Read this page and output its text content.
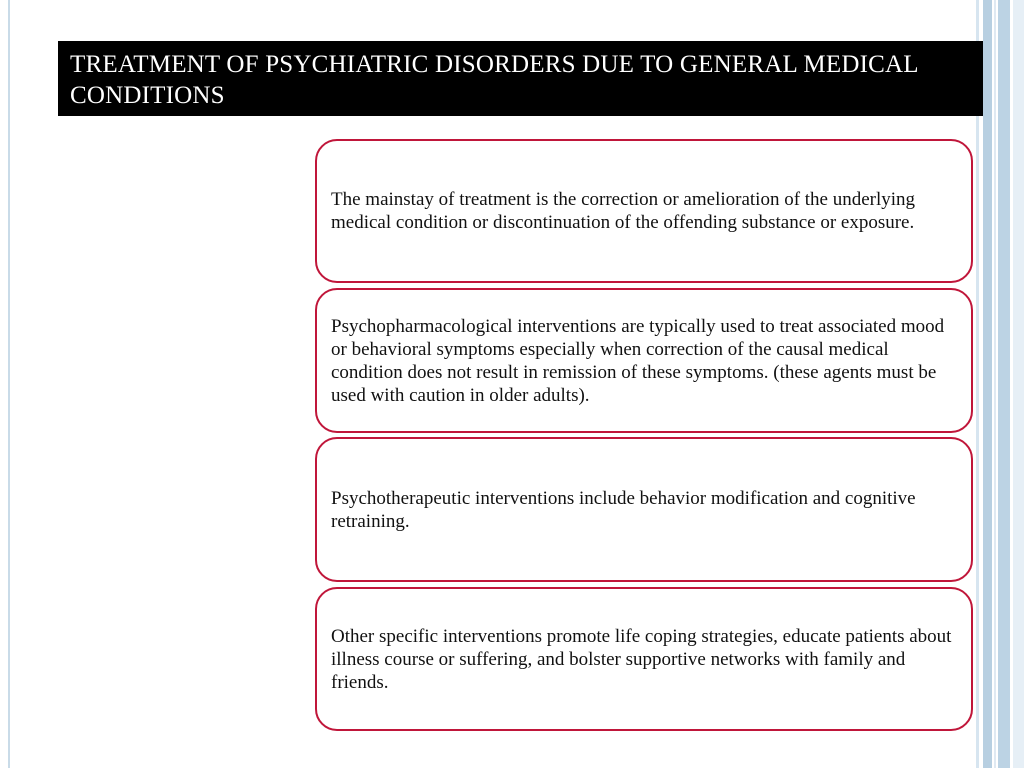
TREATMENT OF PSYCHIATRIC DISORDERS DUE TO GENERAL MEDICAL CONDITIONS

The mainstay of treatment is the correction or amelioration of the underlying medical condition or discontinuation of the offending substance or exposure.

Psychopharmacological interventions are typically used to treat associated mood or behavioral symptoms especially when correction of the causal medical condition does not result in remission of these symptoms. (these agents must be used with caution in older adults).

Psychotherapeutic interventions include behavior modification and cognitive retraining.

Other specific interventions promote life coping strategies, educate patients about illness course or suffering, and bolster supportive networks with family and friends.
